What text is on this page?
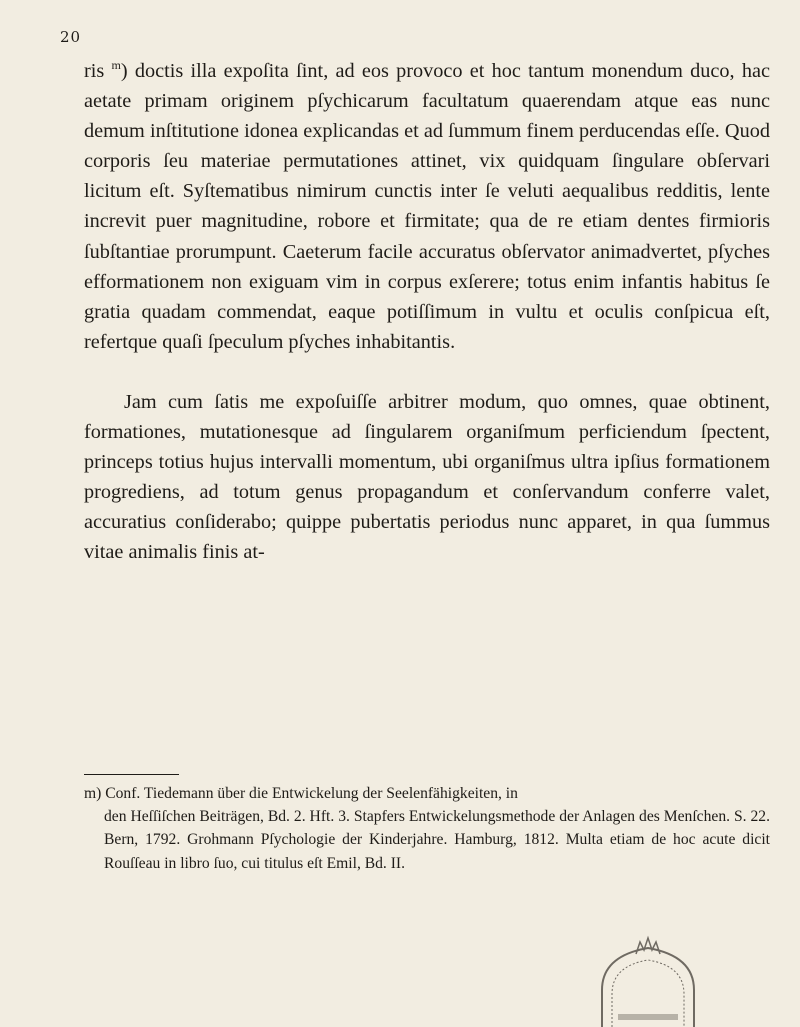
20

ris $^m$) doctis illa expoſita ſint, ad eos provoco et hoc tantum monendum duco, hac aetate primam originem pſychicarum facultatum quaerendam atque eas nunc demum inſtitutione idonea explicandas et ad ſummum finem perducendas eſſe. Quod corporis ſeu materiae permutationes attinet, vix quidquam ſingulare obſervari licitum eſt. Syſtematibus nimirum cunctis inter ſe veluti aequalibus redditis, lente increvit puer magnitudine, robore et firmitate; qua de re etiam dentes firmioris ſubſtantiae prorumpunt. Caeterum facile accuratus obſervator animadvertet, pſyches efformationem non exiguam vim in corpus exſerere; totus enim infantis habitus ſe gratia quadam commendat, eaque potiſſimum in vultu et oculis conſpicua eſt, refertque quaſi ſpeculum pſyches inhabitantis.

Jam cum ſatis me expoſuiſſe arbitrer modum, quo omnes, quae obtinent, formationes, mutationesque ad ſingularem organiſmum perficiendum ſpectent, princeps totius hujus intervalli momentum, ubi organiſmus ultra ipſius formationem progrediens, ad totum genus propagandum et conſervandum conferre valet, accuratius conſiderabo; quippe pubertatis periodus nunc apparet, in qua ſummus vitae animalis finis at-

m) Conf. Tiedemann über die Entwickelung der Seelenfähigkeiten, in
den Heſſiſchen Beiträgen, Bd. 2. Hft. 3. Stapfers Entwickelungsmethode der Anlagen des Menſchen. S. 22. Bern, 1792. Grohmann Pſychologie der Kinderjahre. Hamburg, 1812. Multa etiam de hoc acute dicit Rouſſeau in libro ſuo, cui titulus eſt Emil, Bd. II.
